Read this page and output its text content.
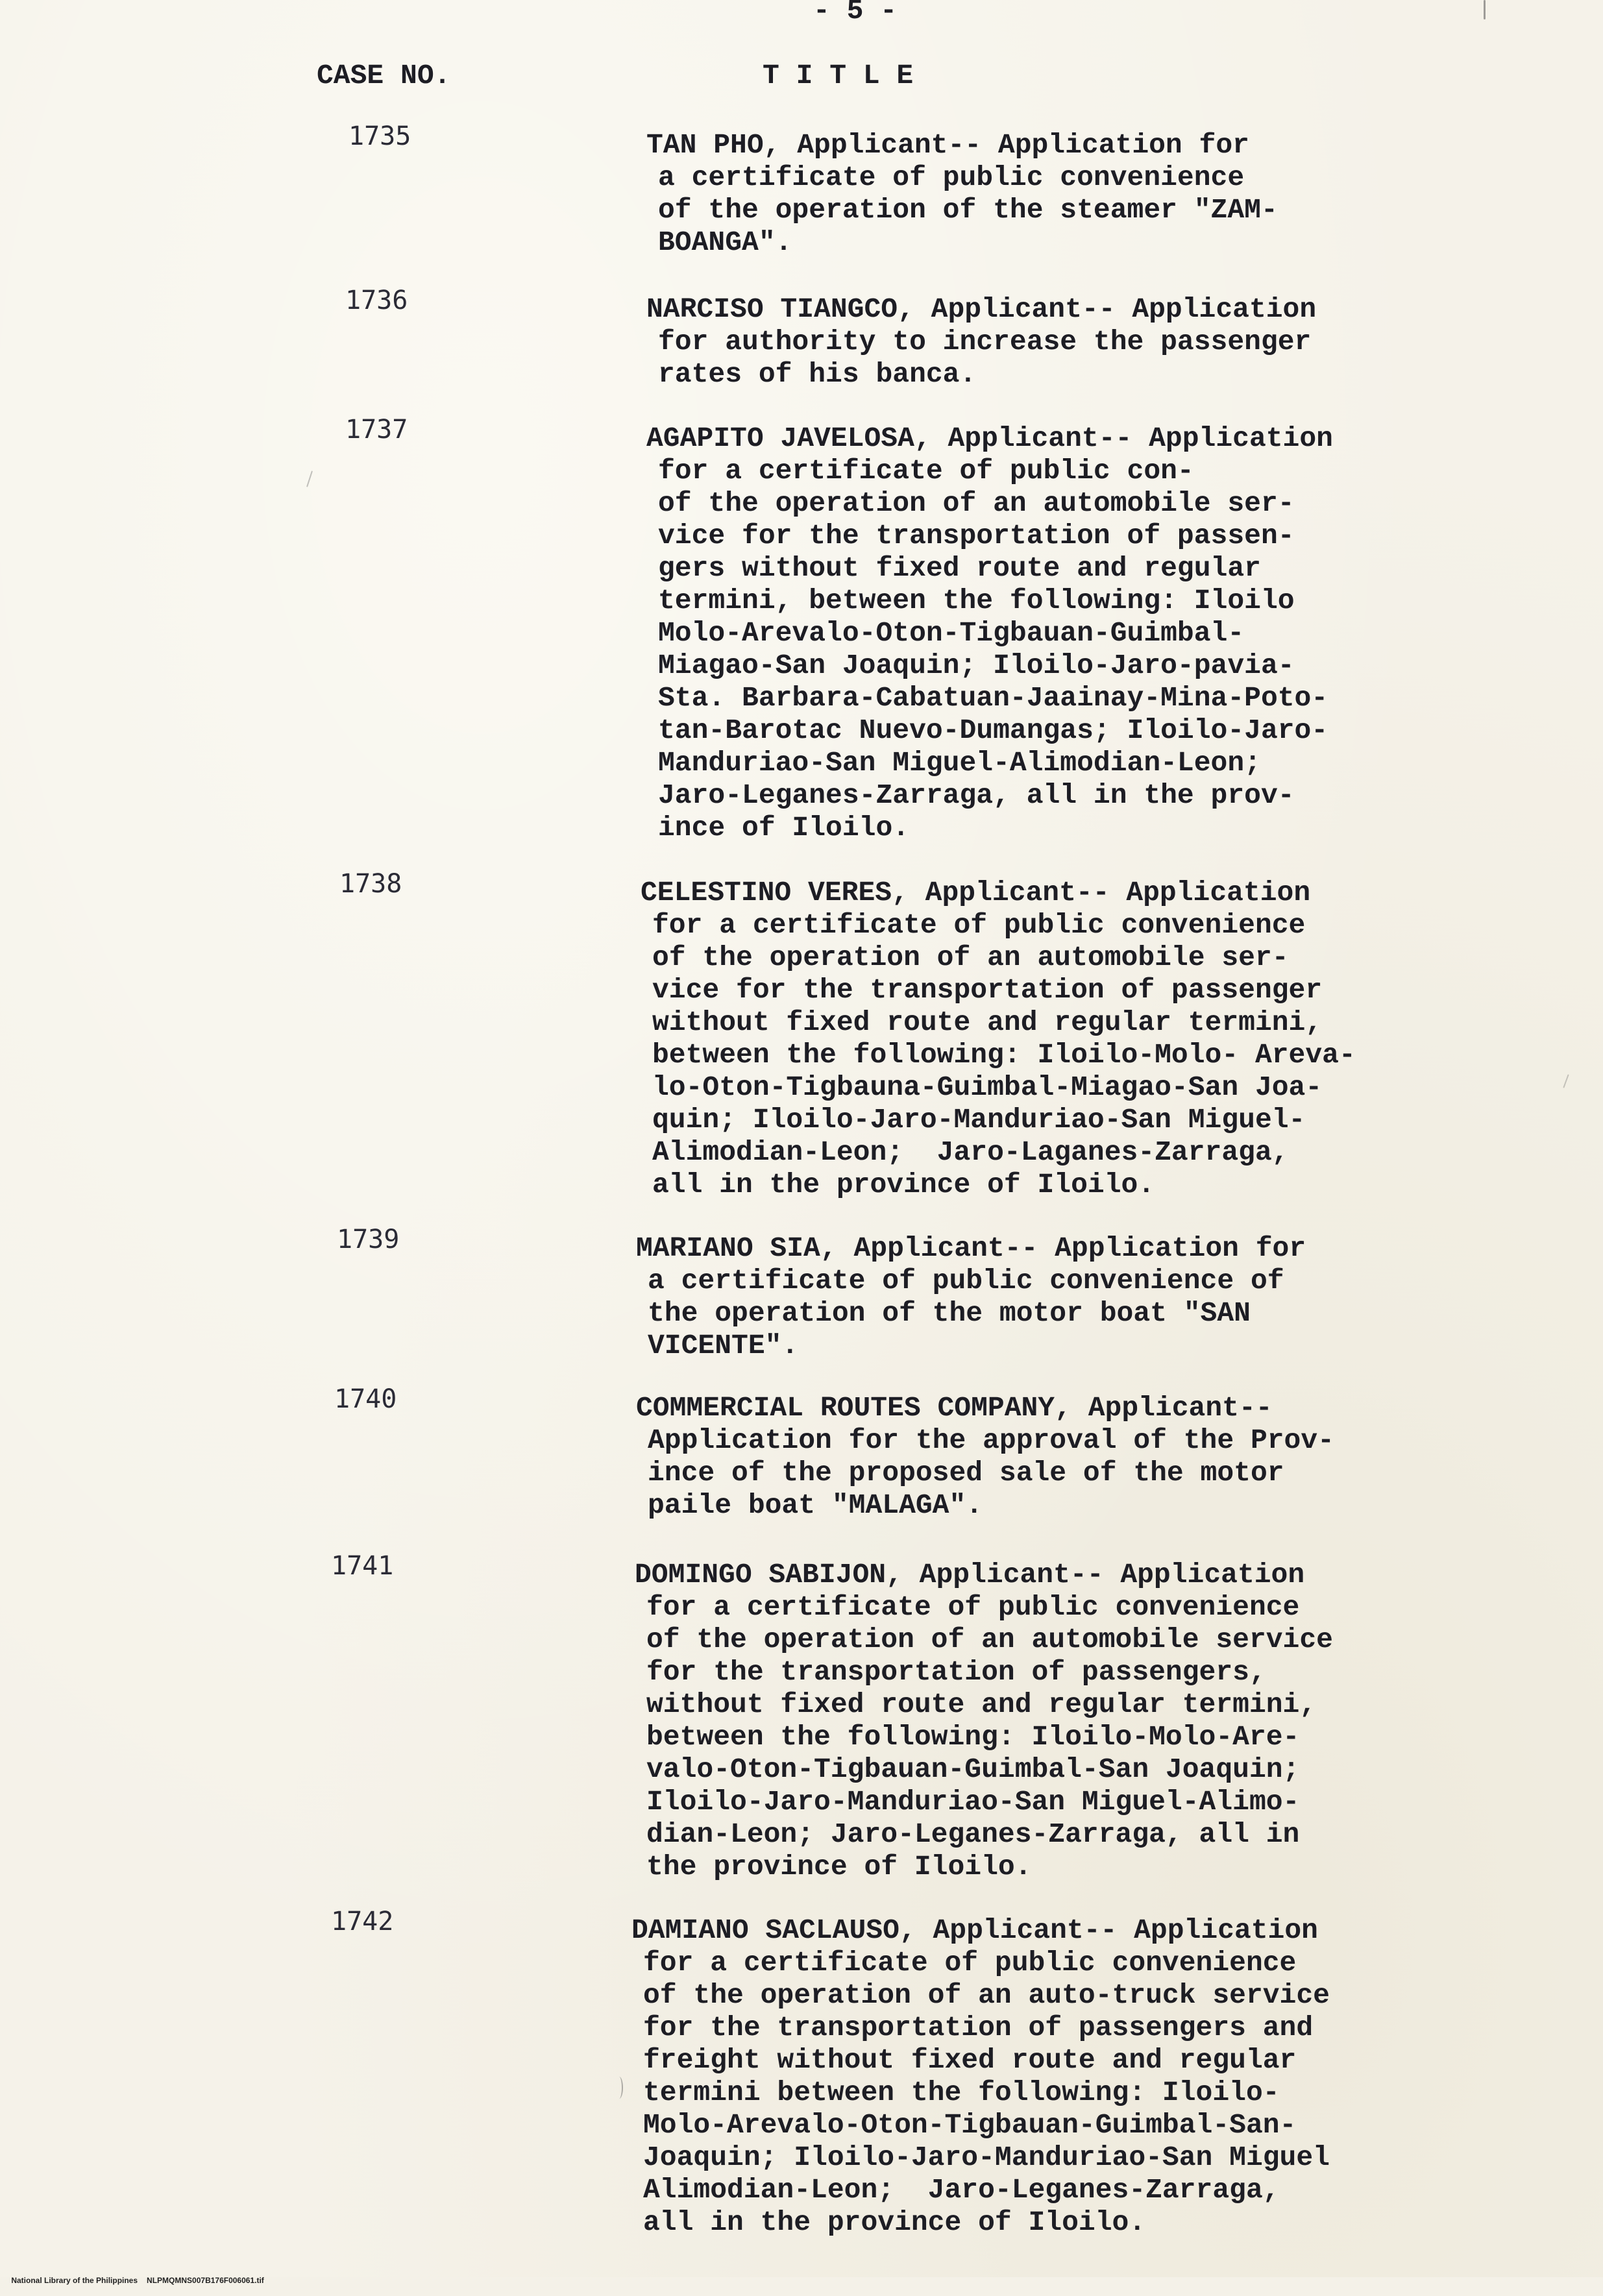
- 5 -
CASE NO.	T I T L E
1735	TAN PHO, Applicant-- Application for
a certificate of public convenience
of the operation of the steamer "ZAM-
BOANGA".
1736	NARCISO TIANGCO, Applicant-- Application
for authority to increase the passenger
rates of his banca.
1737	AGAPITO JAVELOSA, Applicant-- Application
for a certificate of public con-
of the operation of an automobile ser-
vice for the transportation of passen-
gers without fixed route and regular
termini, between the following: Iloilo
Molo-Arevalo-Oton-Tigbauan-Guimbal-
Miagao-San Joaquin; Iloilo-Jaro-pavia-
Sta. Barbara-Cabatuan-Jaainay-Mina-Poto-
tan-Barotac Nuevo-Dumangas; Iloilo-Jaro-
Manduriao-San Miguel-Alimodian-Leon;
Jaro-Leganes-Zarraga, all in the prov-
ince of Iloilo.
1738	CELESTINO VERES, Applicant-- Application
for a certificate of public convenience
of the operation of an automobile ser-
vice for the transportation of passenger
without fixed route and regular termini,
between the following: Iloilo-Molo- Areva-
lo-Oton-Tigbauna-Guimbal-Miagao-San Joa-
quin; Iloilo-Jaro-Manduriao-San Miguel-
Alimodian-Leon;  Jaro-Laganes-Zarraga,
all in the province of Iloilo.
1739	MARIANO SIA, Applicant-- Application for
a certificate of public convenience of
the operation of the motor boat "SAN
VICENTE".
1740	COMMERCIAL ROUTES COMPANY, Applicant--
Application for the approval of the Prov-
ince of the proposed sale of the motor
paile boat "MALAGA".
1741	DOMINGO SABIJON, Applicant-- Application
for a certificate of public convenience
of the operation of an automobile service
for the transportation of passengers,
without fixed route and regular termini,
between the following: Iloilo-Molo-Are-
valo-Oton-Tigbauan-Guimbal-San Joaquin;
Iloilo-Jaro-Manduriao-San Miguel-Alimo-
dian-Leon; Jaro-Leganes-Zarraga, all in
the province of Iloilo.
1742	DAMIANO SACLAUSO, Applicant-- Application
for a certificate of public convenience
of the operation of an auto-truck service
for the transportation of passengers and
freight without fixed route and regular
termini between the following: Iloilo-
Molo-Arevalo-Oton-Tigbauan-Guimbal-San-
Joaquin; Iloilo-Jaro-Manduriao-San Miguel
Alimodian-Leon;  Jaro-Leganes-Zarraga,
all in the province of Iloilo.

National Library of the Philippines NLPMQMNS007B176F006061.tif
